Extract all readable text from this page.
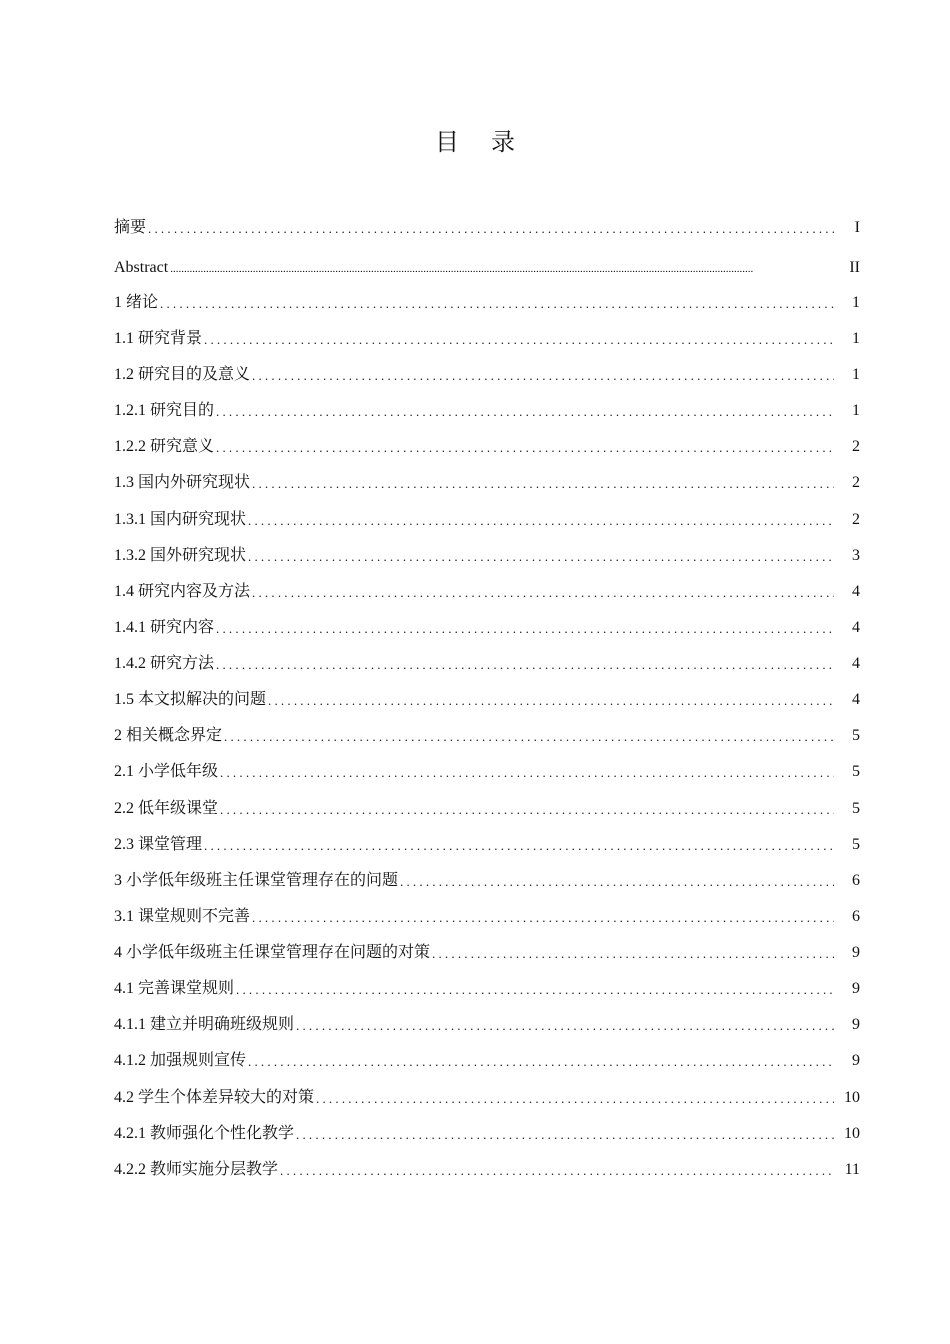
目 录
摘要 .....	I
Abstract .....	II
1 绪论 .....	1
1.1 研究背景 .....	1
1.2 研究目的及意义 .....	1
1.2.1 研究目的 .....	1
1.2.2 研究意义 .....	2
1.3 国内外研究现状 .....	2
1.3.1 国内研究现状 .....	2
1.3.2 国外研究现状 .....	3
1.4 研究内容及方法 .....	4
1.4.1 研究内容 .....	4
1.4.2 研究方法 .....	4
1.5 本文拟解决的问题 .....	4
2 相关概念界定 .....	5
2.1 小学低年级 .....	5
2.2 低年级课堂 .....	5
2.3 课堂管理 .....	5
3 小学低年级班主任课堂管理存在的问题 .....	6
3.1 课堂规则不完善 .....	6
4 小学低年级班主任课堂管理存在问题的对策 .....	9
4.1 完善课堂规则 .....	9
4.1.1 建立并明确班级规则 .....	9
4.1.2 加强规则宣传 .....	9
4.2 学生个体差异较大的对策 .....	10
4.2.1 教师强化个性化教学 .....	10
4.2.2 教师实施分层教学 .....	11
